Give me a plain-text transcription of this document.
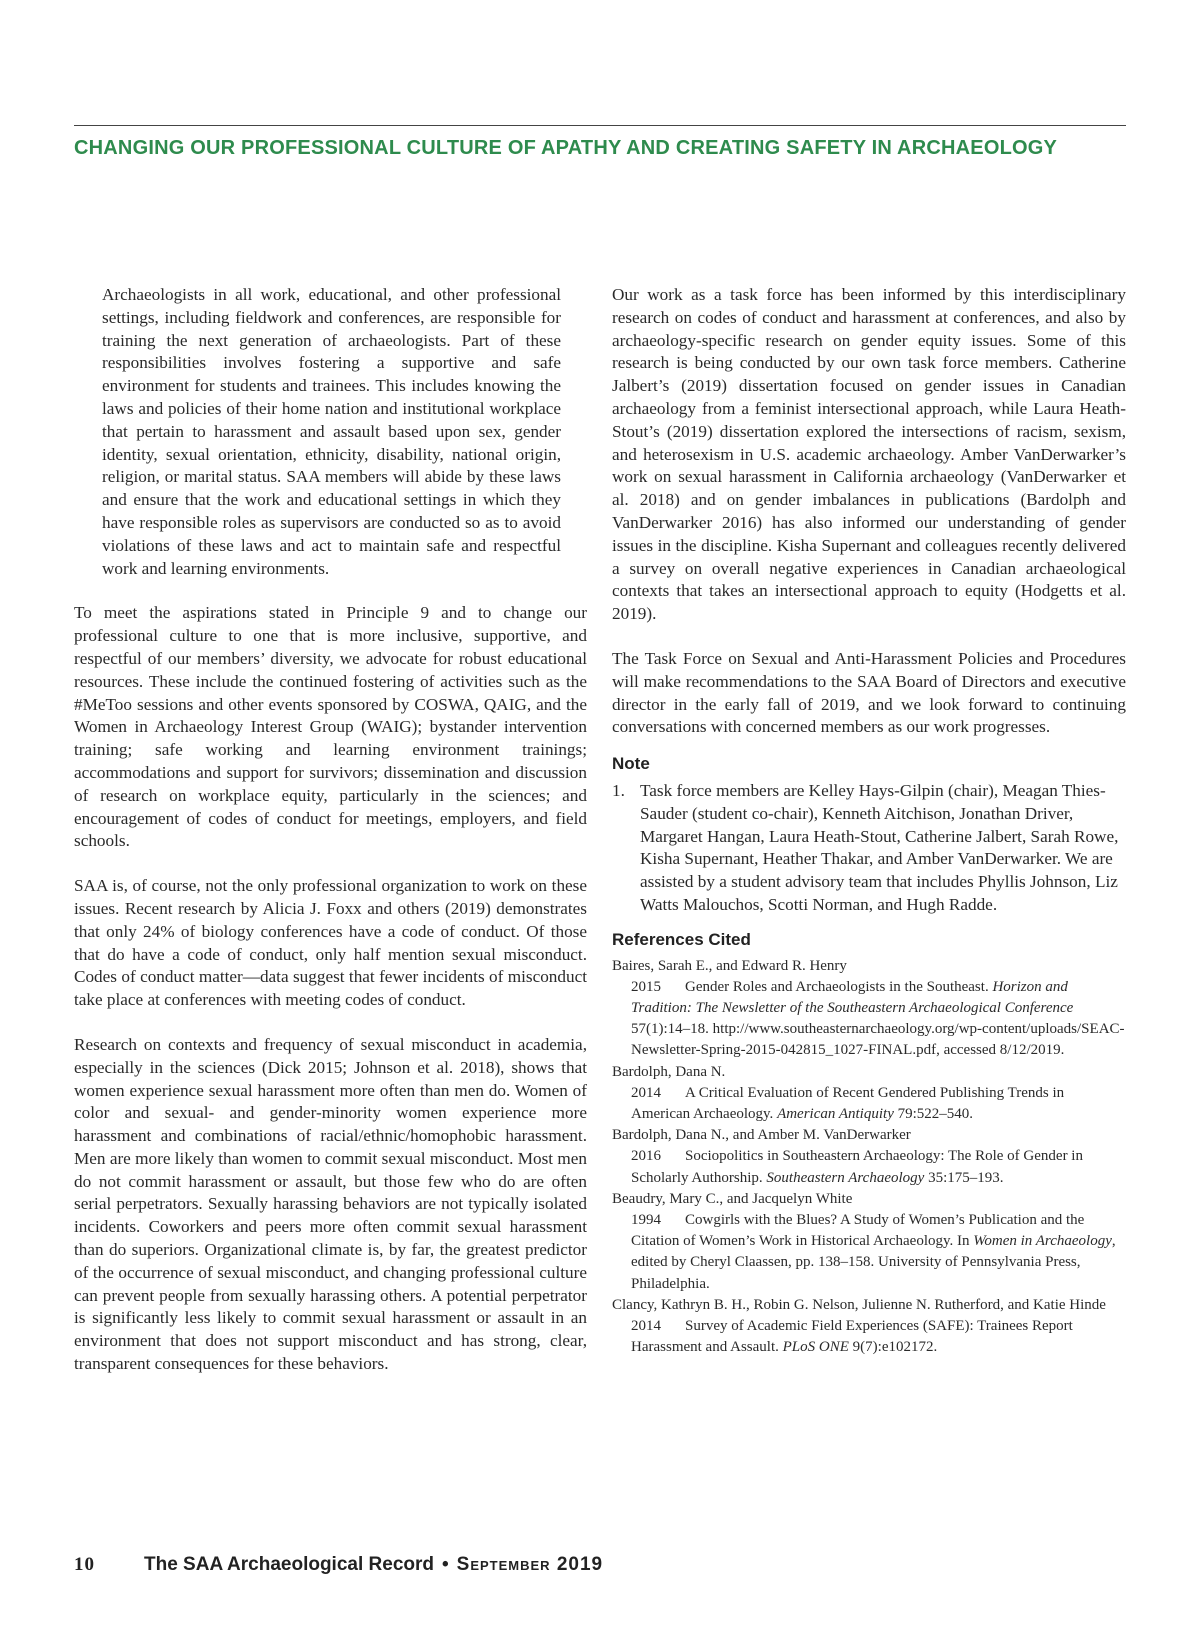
CHANGING OUR PROFESSIONAL CULTURE OF APATHY AND CREATING SAFETY IN ARCHAEOLOGY

Archaeologists in all work, educational, and other professional settings, including fieldwork and conferences, are responsible for training the next generation of archaeologists. Part of these responsibilities involves fostering a supportive and safe environment for students and trainees. This includes knowing the laws and policies of their home nation and institutional workplace that pertain to harassment and assault based upon sex, gender identity, sexual orientation, ethnicity, disability, national origin, religion, or marital status. SAA members will abide by these laws and ensure that the work and educational settings in which they have responsible roles as supervisors are conducted so as to avoid violations of these laws and act to maintain safe and respectful work and learning environments.

To meet the aspirations stated in Principle 9 and to change our professional culture to one that is more inclusive, supportive, and respectful of our members’ diversity, we advocate for robust educational resources. These include the continued fostering of activities such as the #MeToo sessions and other events sponsored by COSWA, QAIG, and the Women in Archaeology Interest Group (WAIG); bystander intervention training; safe working and learning environment trainings; accommodations and support for survivors; dissemination and discussion of research on workplace equity, particularly in the sciences; and encouragement of codes of conduct for meetings, employers, and field schools.

SAA is, of course, not the only professional organization to work on these issues. Recent research by Alicia J. Foxx and others (2019) demonstrates that only 24% of biology conferences have a code of conduct. Of those that do have a code of conduct, only half mention sexual misconduct. Codes of conduct matter—data suggest that fewer incidents of misconduct take place at conferences with meeting codes of conduct.

Research on contexts and frequency of sexual misconduct in academia, especially in the sciences (Dick 2015; Johnson et al. 2018), shows that women experience sexual harassment more often than men do. Women of color and sexual- and gender-minority women experience more harassment and combinations of racial/ethnic/homophobic harassment. Men are more likely than women to commit sexual misconduct. Most men do not commit harassment or assault, but those few who do are often serial perpetrators. Sexually harassing behaviors are not typically isolated incidents. Coworkers and peers more often commit sexual harassment than do superiors. Organizational climate is, by far, the greatest predictor of the occurrence of sexual misconduct, and changing professional culture can prevent people from sexually harassing others. A potential perpetrator is significantly less likely to commit sexual harassment or assault in an environment that does not support misconduct and has strong, clear, transparent consequences for these behaviors.

Our work as a task force has been informed by this interdisciplinary research on codes of conduct and harassment at conferences, and also by archaeology-specific research on gender equity issues. Some of this research is being conducted by our own task force members. Catherine Jalbert’s (2019) dissertation focused on gender issues in Canadian archaeology from a feminist intersectional approach, while Laura Heath-Stout’s (2019) dissertation explored the intersections of racism, sexism, and heterosexism in U.S. academic archaeology. Amber VanDerwarker’s work on sexual harassment in California archaeology (VanDerwarker et al. 2018) and on gender imbalances in publications (Bardolph and VanDerwarker 2016) has also informed our understanding of gender issues in the discipline. Kisha Supernant and colleagues recently delivered a survey on overall negative experiences in Canadian archaeological contexts that takes an intersectional approach to equity (Hodgetts et al. 2019).

The Task Force on Sexual and Anti-Harassment Policies and Procedures will make recommendations to the SAA Board of Directors and executive director in the early fall of 2019, and we look forward to continuing conversations with concerned members as our work progresses.

Note
1. Task force members are Kelley Hays-Gilpin (chair), Meagan Thies-Sauder (student co-chair), Kenneth Aitchison, Jonathan Driver, Margaret Hangan, Laura Heath-Stout, Catherine Jalbert, Sarah Rowe, Kisha Supernant, Heather Thakar, and Amber VanDerwarker. We are assisted by a student advisory team that includes Phyllis Johnson, Liz Watts Malouchos, Scotti Norman, and Hugh Radde.
References Cited
Baires, Sarah E., and Edward R. Henry
2015 Gender Roles and Archaeologists in the Southeast. Horizon and Tradition: The Newsletter of the Southeastern Archaeological Conference 57(1):14–18. http://www.southeasternarchaeology.org/wp-content/uploads/SEAC-Newsletter-Spring-2015-042815_1027-FINAL.pdf, accessed 8/12/2019.
Bardolph, Dana N.
2014 A Critical Evaluation of Recent Gendered Publishing Trends in American Archaeology. American Antiquity 79:522–540.
Bardolph, Dana N., and Amber M. VanDerwarker
2016 Sociopolitics in Southeastern Archaeology: The Role of Gender in Scholarly Authorship. Southeastern Archaeology 35:175–193.
Beaudry, Mary C., and Jacquelyn White
1994 Cowgirls with the Blues? A Study of Women’s Publication and the Citation of Women’s Work in Historical Archaeology. In Women in Archaeology, edited by Cheryl Claassen, pp. 138–158. University of Pennsylvania Press, Philadelphia.
Clancy, Kathryn B. H., Robin G. Nelson, Julienne N. Rutherford, and Katie Hinde
2014 Survey of Academic Field Experiences (SAFE): Trainees Report Harassment and Assault. PLoS ONE 9(7):e102172.
10	The SAA Archaeological Record • September 2019
